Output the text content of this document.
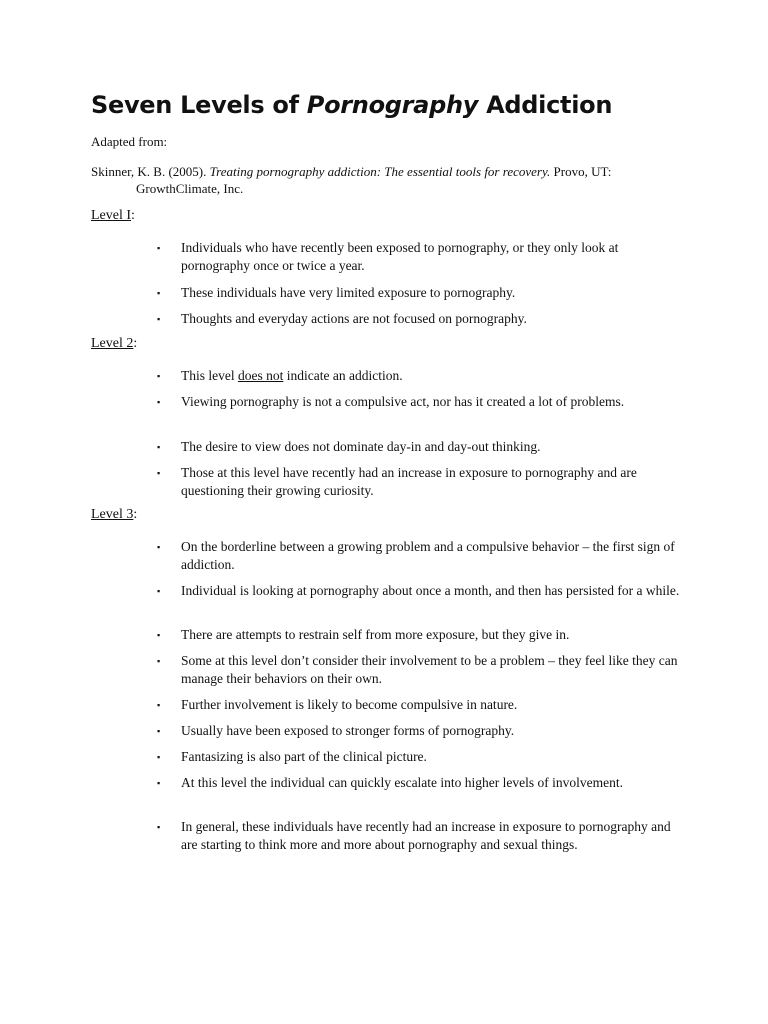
Seven Levels of Pornography Addiction
Adapted from:
Skinner, K. B. (2005). Treating pornography addiction: The essential tools for recovery. Provo, UT:
GrowthClimate, Inc.
Level I:
▪ Individuals who have recently been exposed to pornography, or they only look at pornography once or twice a year.
▪ These individuals have very limited exposure to pornography.
▪ Thoughts and everyday actions are not focused on pornography.
Level 2:
▪ This level does not indicate an addiction.
▪ Viewing pornography is not a compulsive act, nor has it created a lot of problems.
▪ The desire to view does not dominate day-in and day-out thinking.
▪ Those at this level have recently had an increase in exposure to pornography and are questioning their growing curiosity.
Level 3:
▪ On the borderline between a growing problem and a compulsive behavior – the first sign of addiction.
▪ Individual is looking at pornography about once a month, and then has persisted for a while.
▪ There are attempts to restrain self from more exposure, but they give in.
▪ Some at this level don’t consider their involvement to be a problem – they feel like they can manage their behaviors on their own.
▪ Further involvement is likely to become compulsive in nature.
▪ Usually have been exposed to stronger forms of pornography.
▪ Fantasizing is also part of the clinical picture.
▪ At this level the individual can quickly escalate into higher levels of involvement.
▪ In general, these individuals have recently had an increase in exposure to pornography and are starting to think more and more about pornography and sexual things.
